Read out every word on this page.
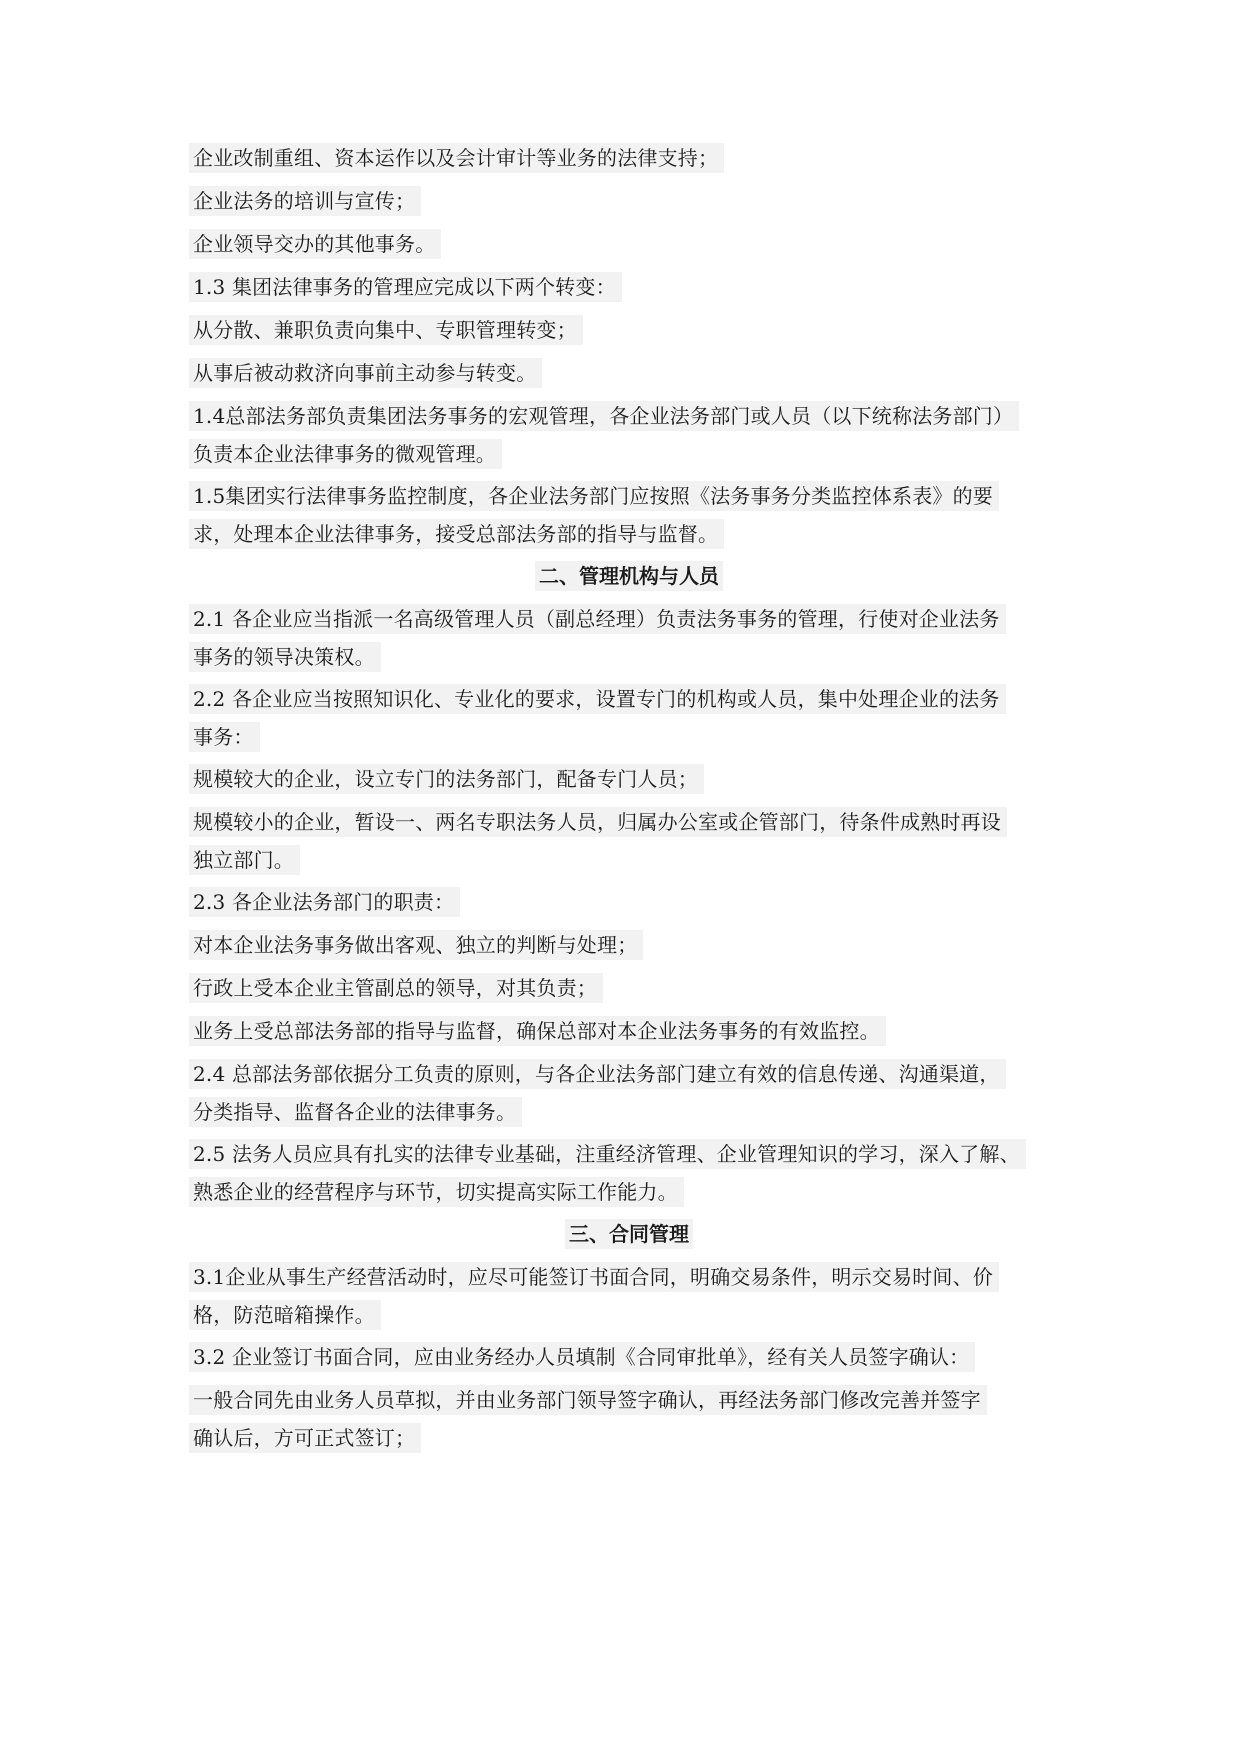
企业改制重组、资本运作以及会计审计等业务的法律支持；
企业法务的培训与宣传；
企业领导交办的其他事务。
1.3 集团法律事务的管理应完成以下两个转变：
从分散、兼职负责向集中、专职管理转变；
从事后被动救济向事前主动参与转变。
1.4总部法务部负责集团法务事务的宏观管理，各企业法务部门或人员（以下统称法务部门）
负责本企业法律事务的微观管理。
1.5集团实行法律事务监控制度，各企业法务部门应按照《法务事务分类监控体系表》的要
求，处理本企业法律事务，接受总部法务部的指导与监督。
二、管理机构与人员
2.1 各企业应当指派一名高级管理人员（副总经理）负责法务事务的管理，行使对企业法务
事务的领导决策权。
2.2 各企业应当按照知识化、专业化的要求，设置专门的机构或人员，集中处理企业的法务
事务：
规模较大的企业，设立专门的法务部门，配备专门人员；
规模较小的企业，暂设一、两名专职法务人员，归属办公室或企管部门，待条件成熟时再设
独立部门。
2.3 各企业法务部门的职责：
对本企业法务事务做出客观、独立的判断与处理；
行政上受本企业主管副总的领导，对其负责；
业务上受总部法务部的指导与监督，确保总部对本企业法务事务的有效监控。
2.4 总部法务部依据分工负责的原则，与各企业法务部门建立有效的信息传递、沟通渠道，
分类指导、监督各企业的法律事务。
2.5 法务人员应具有扎实的法律专业基础，注重经济管理、企业管理知识的学习，深入了解、
熟悉企业的经营程序与环节，切实提高实际工作能力。
三、合同管理
3.1企业从事生产经营活动时，应尽可能签订书面合同，明确交易条件，明示交易时间、价
格，防范暗箱操作。
3.2 企业签订书面合同，应由业务经办人员填制《合同审批单》，经有关人员签字确认：
一般合同先由业务人员草拟，并由业务部门领导签字确认，再经法务部门修改完善并签字
确认后，方可正式签订；
